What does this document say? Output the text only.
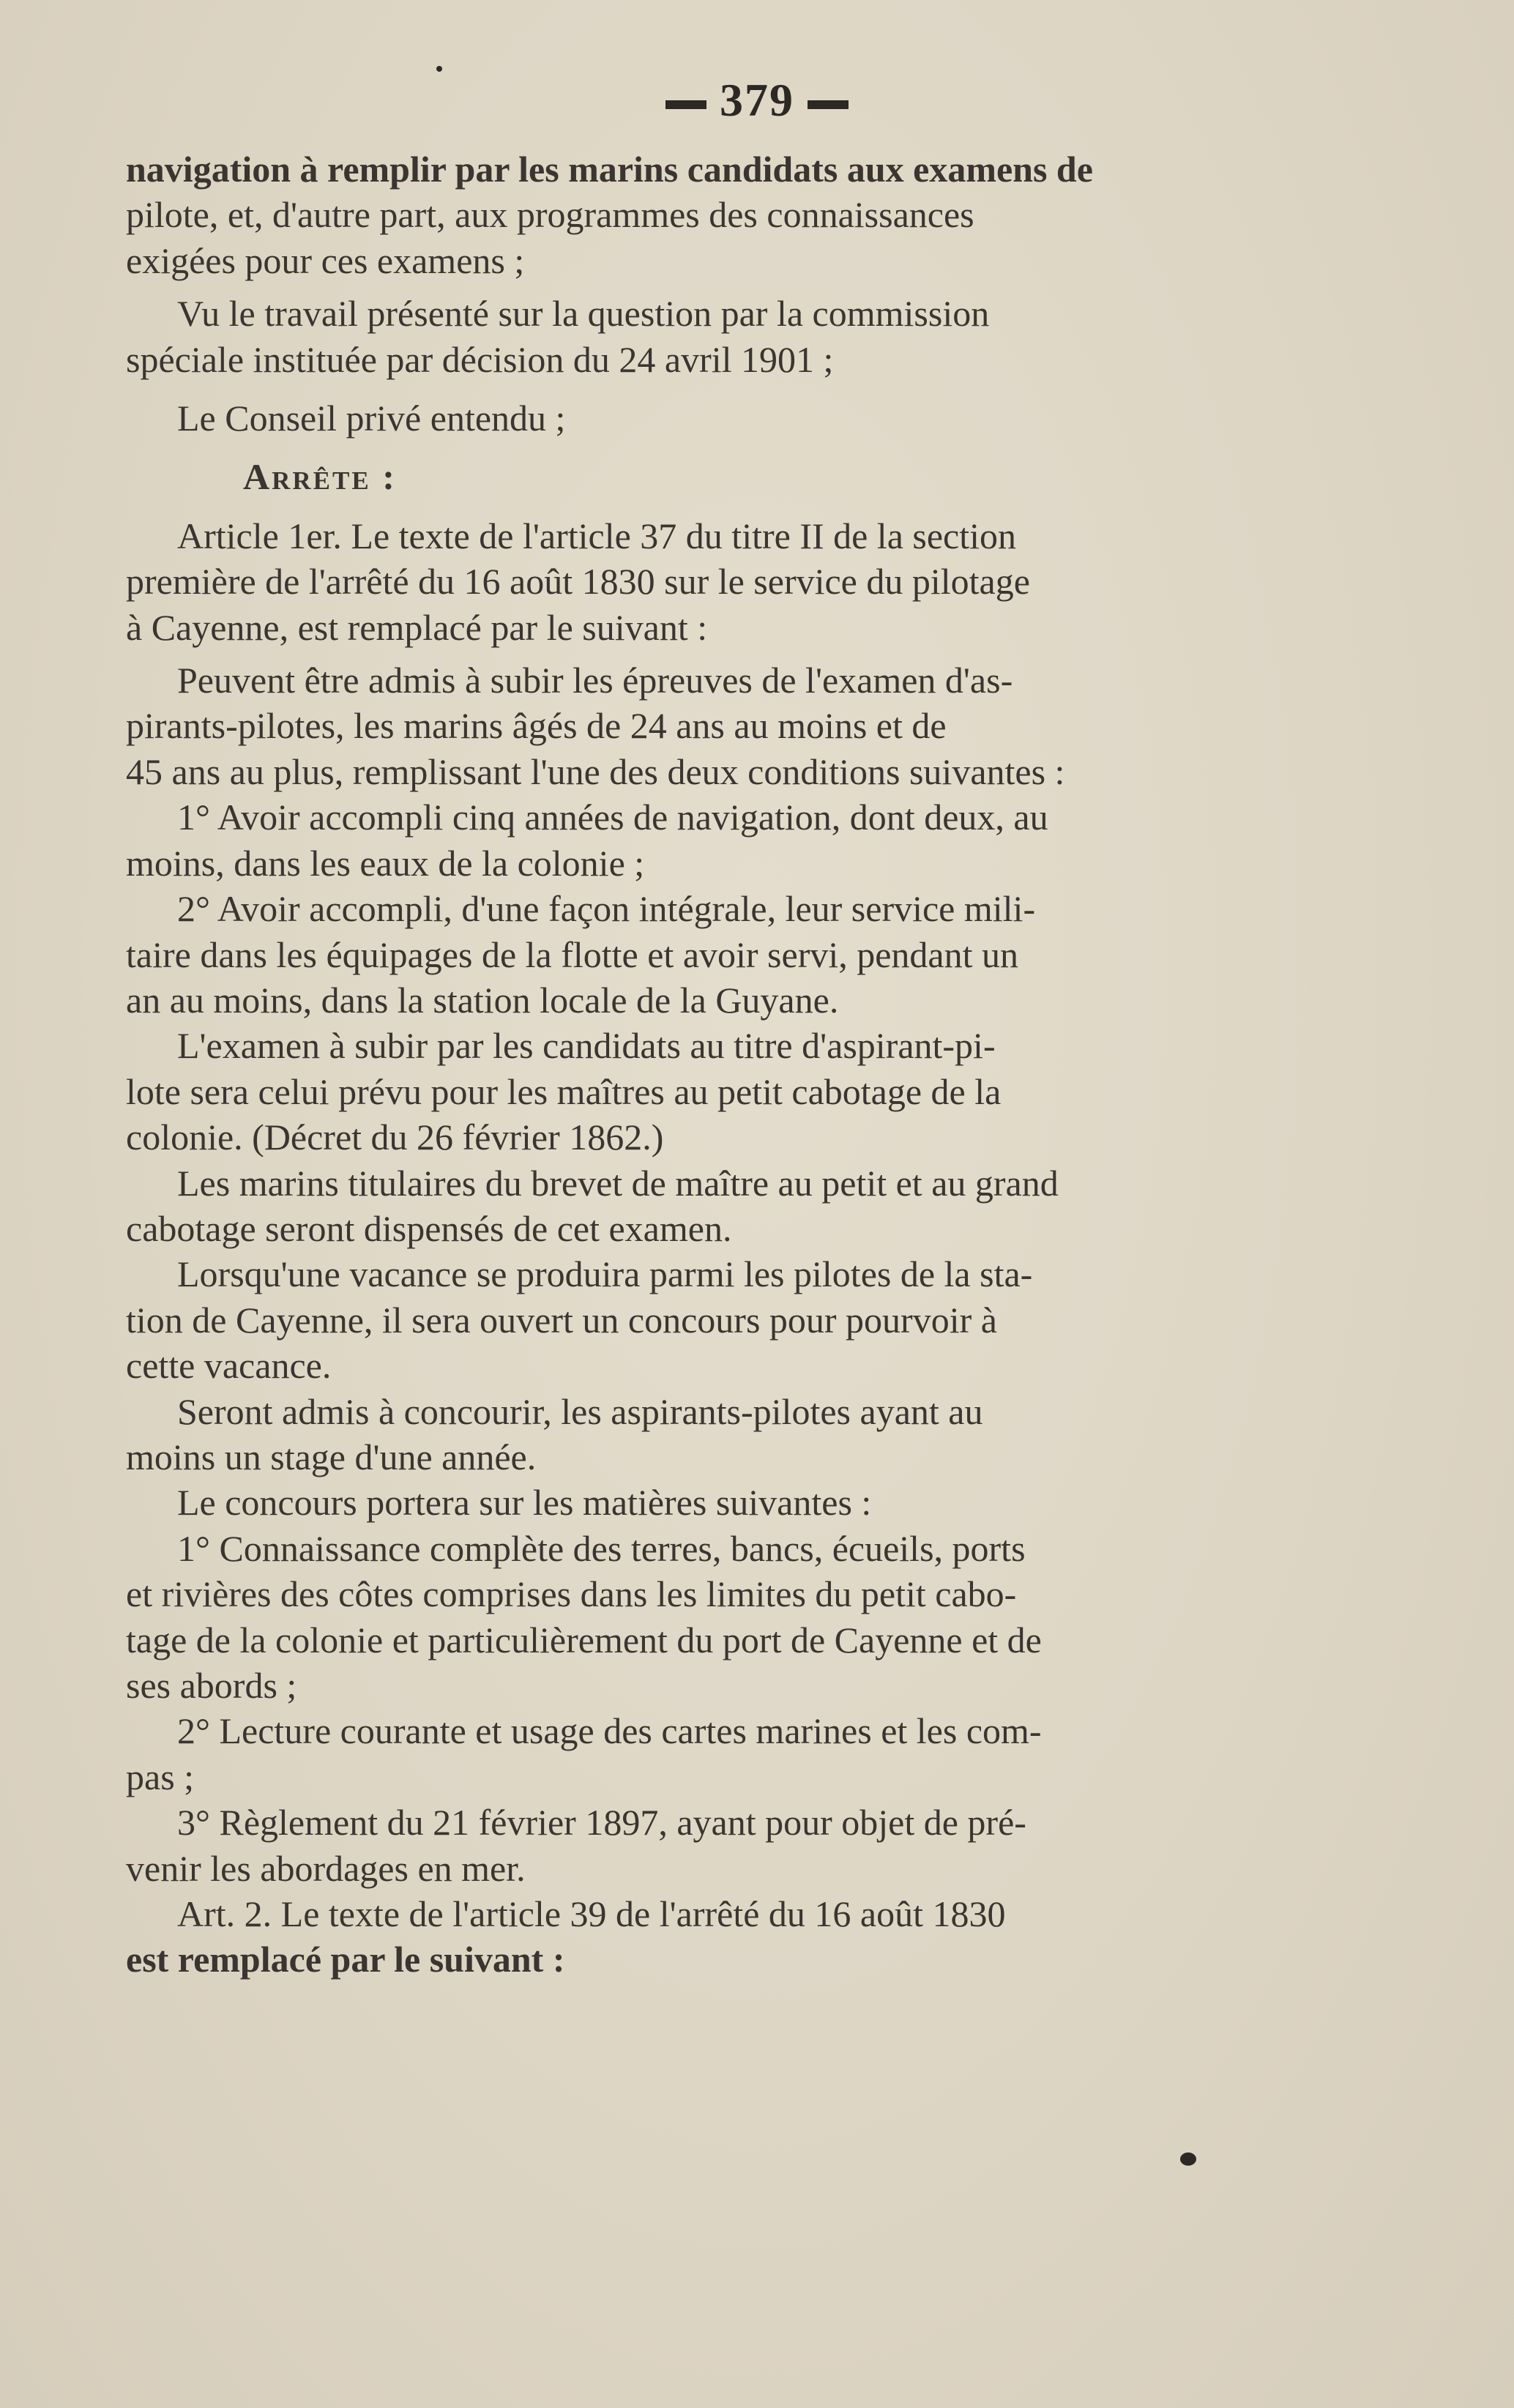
379
navigation à remplir par les marins candidats aux examens de
pilote, et, d'autre part, aux programmes des connaissances
exigées pour ces examens ;
Vu le travail présenté sur la question par la commission
spéciale instituée par décision du 24 avril 1901 ;
Le Conseil privé entendu ;
Arrête :
Article 1er. Le texte de l'article 37 du titre II de la section
première de l'arrêté du 16 août 1830 sur le service du pilotage
à Cayenne, est remplacé par le suivant :
Peuvent être admis à subir les épreuves de l'examen d'as-
pirants-pilotes, les marins âgés de 24 ans au moins et de
45 ans au plus, remplissant l'une des deux conditions suivantes :
1° Avoir accompli cinq années de navigation, dont deux, au
moins, dans les eaux de la colonie ;
2° Avoir accompli, d'une façon intégrale, leur service mili-
taire dans les équipages de la flotte et avoir servi, pendant un
an au moins, dans la station locale de la Guyane.
L'examen à subir par les candidats au titre d'aspirant-pi-
lote sera celui prévu pour les maîtres au petit cabotage de la
colonie. (Décret du 26 février 1862.)
Les marins titulaires du brevet de maître au petit et au grand
cabotage seront dispensés de cet examen.
Lorsqu'une vacance se produira parmi les pilotes de la sta-
tion de Cayenne, il sera ouvert un concours pour pourvoir à
cette vacance.
Seront admis à concourir, les aspirants-pilotes ayant au
moins un stage d'une année.
Le concours portera sur les matières suivantes :
1° Connaissance complète des terres, bancs, écueils, ports
et rivières des côtes comprises dans les limites du petit cabo-
tage de la colonie et particulièrement du port de Cayenne et de
ses abords ;
2° Lecture courante et usage des cartes marines et les com-
pas ;
3° Règlement du 21 février 1897, ayant pour objet de pré-
venir les abordages en mer.
Art. 2. Le texte de l'article 39 de l'arrêté du 16 août 1830
est remplacé par le suivant :
